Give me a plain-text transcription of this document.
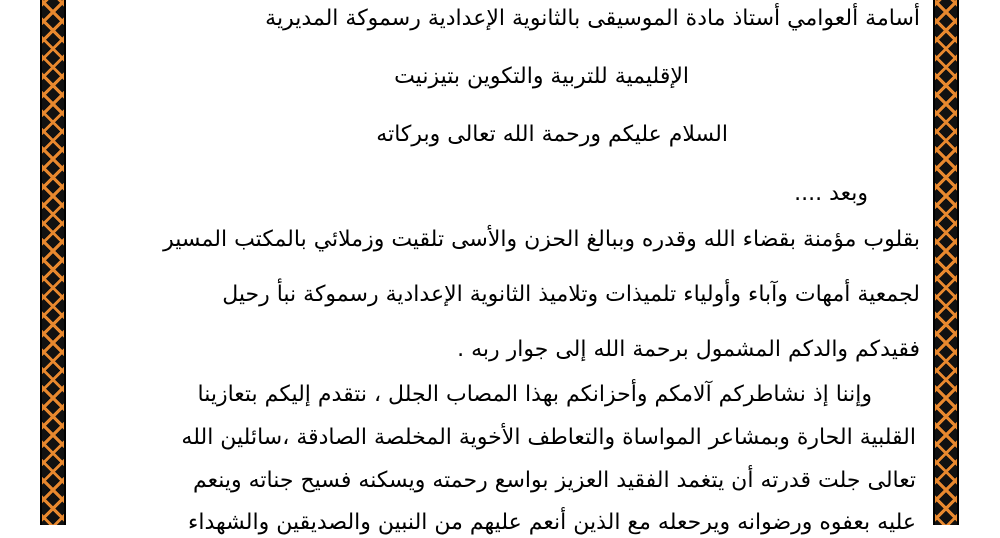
أسامة ألعوامي أستاذ مادة الموسيقى بالثانوية الإعدادية رسموكة المديرية
الإقليمية للتربية والتكوين بتيزنيت
السلام عليكم ورحمة الله تعالى وبركاته
وبعد ....
بقلوب مؤمنة بقضاء الله وقدره وببالغ الحزن والأسى تلقيت وزملائي بالمكتب المسير
لجمعية أمهات وآباء وأولياء تلميذات وتلاميذ الثانوية الإعدادية رسموكة نبأ رحيل
فقيدكم والدكم المشمول برحمة الله إلى جوار ربه .
وإننا إذ نشاطركم آلامكم وأحزانكم بهذا المصاب الجلل ، نتقدم إليكم بتعازينا
القلبية الحارة وبمشاعر المواساة والتعاطف الأخوية المخلصة الصادقة ،سائلين الله
تعالى جلت قدرته أن يتغمد الفقيد العزيز بواسع رحمته ويسكنه فسيح جناته وينعم
عليه بعفوه ورضوانه ويرحعله مع الذين أنعم عليهم من النبين والصديقين والشهداء
